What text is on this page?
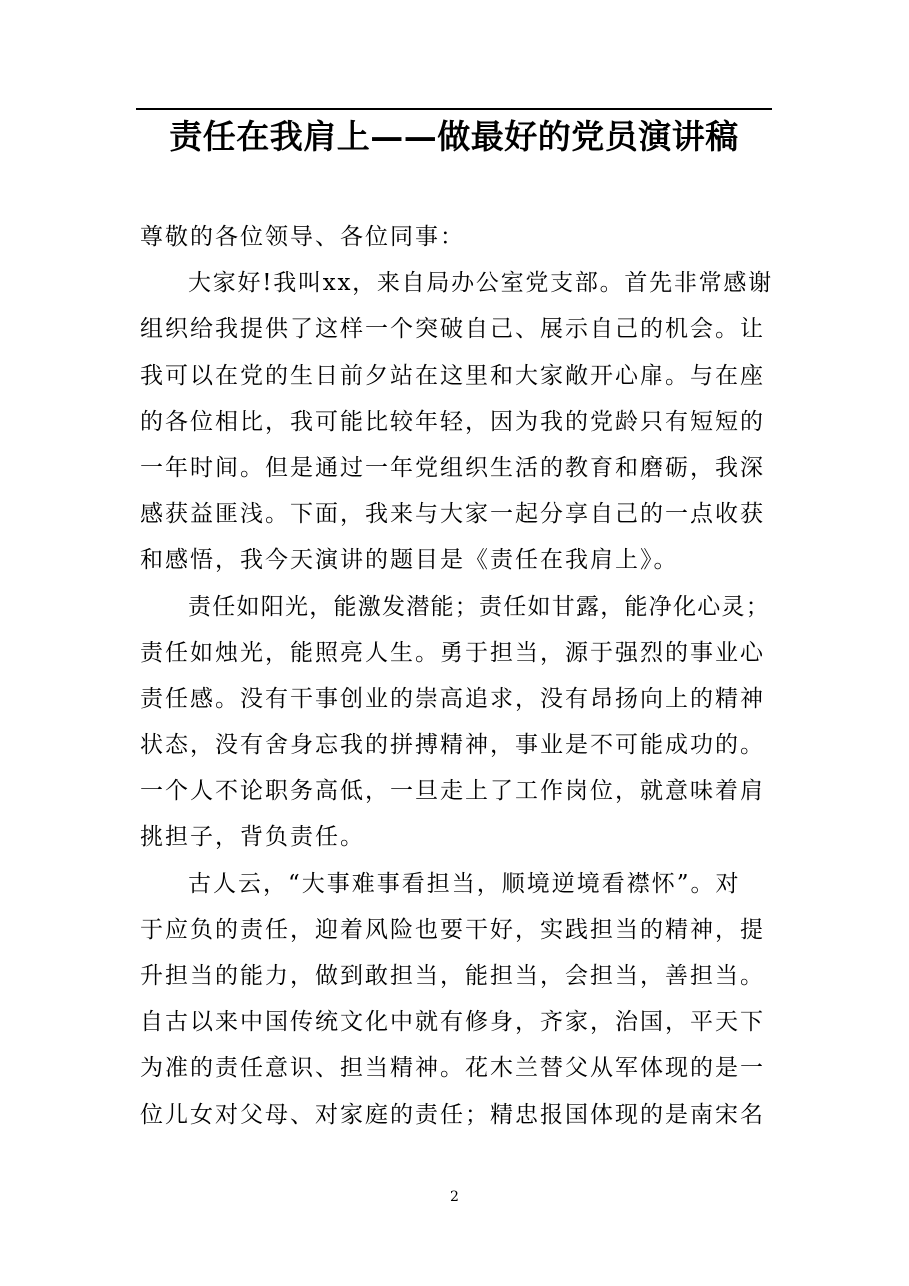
责任在我肩上——做最好的党员演讲稿
尊敬的各位领导、各位同事：
大家好!我叫xx，来自局办公室党支部。首先非常感谢
组织给我提供了这样一个突破自己、展示自己的机会。让
我可以在党的生日前夕站在这里和大家敞开心扉。与在座
的各位相比，我可能比较年轻，因为我的党龄只有短短的
一年时间。但是通过一年党组织生活的教育和磨砺，我深
感获益匪浅。下面，我来与大家一起分享自己的一点收获
和感悟，我今天演讲的题目是《责任在我肩上》。
责任如阳光，能激发潜能；责任如甘露，能净化心灵；
责任如烛光，能照亮人生。勇于担当，源于强烈的事业心
责任感。没有干事创业的崇高追求，没有昂扬向上的精神
状态，没有舍身忘我的拼搏精神，事业是不可能成功的。
一个人不论职务高低，一旦走上了工作岗位，就意味着肩
挑担子，背负责任。
古人云，“大事难事看担当，顺境逆境看襟怀”。对
于应负的责任，迎着风险也要干好，实践担当的精神，提
升担当的能力，做到敢担当，能担当，会担当，善担当。
自古以来中国传统文化中就有修身，齐家，治国，平天下
为准的责任意识、担当精神。花木兰替父从军体现的是一
位儿女对父母、对家庭的责任；精忠报国体现的是南宋名
2
